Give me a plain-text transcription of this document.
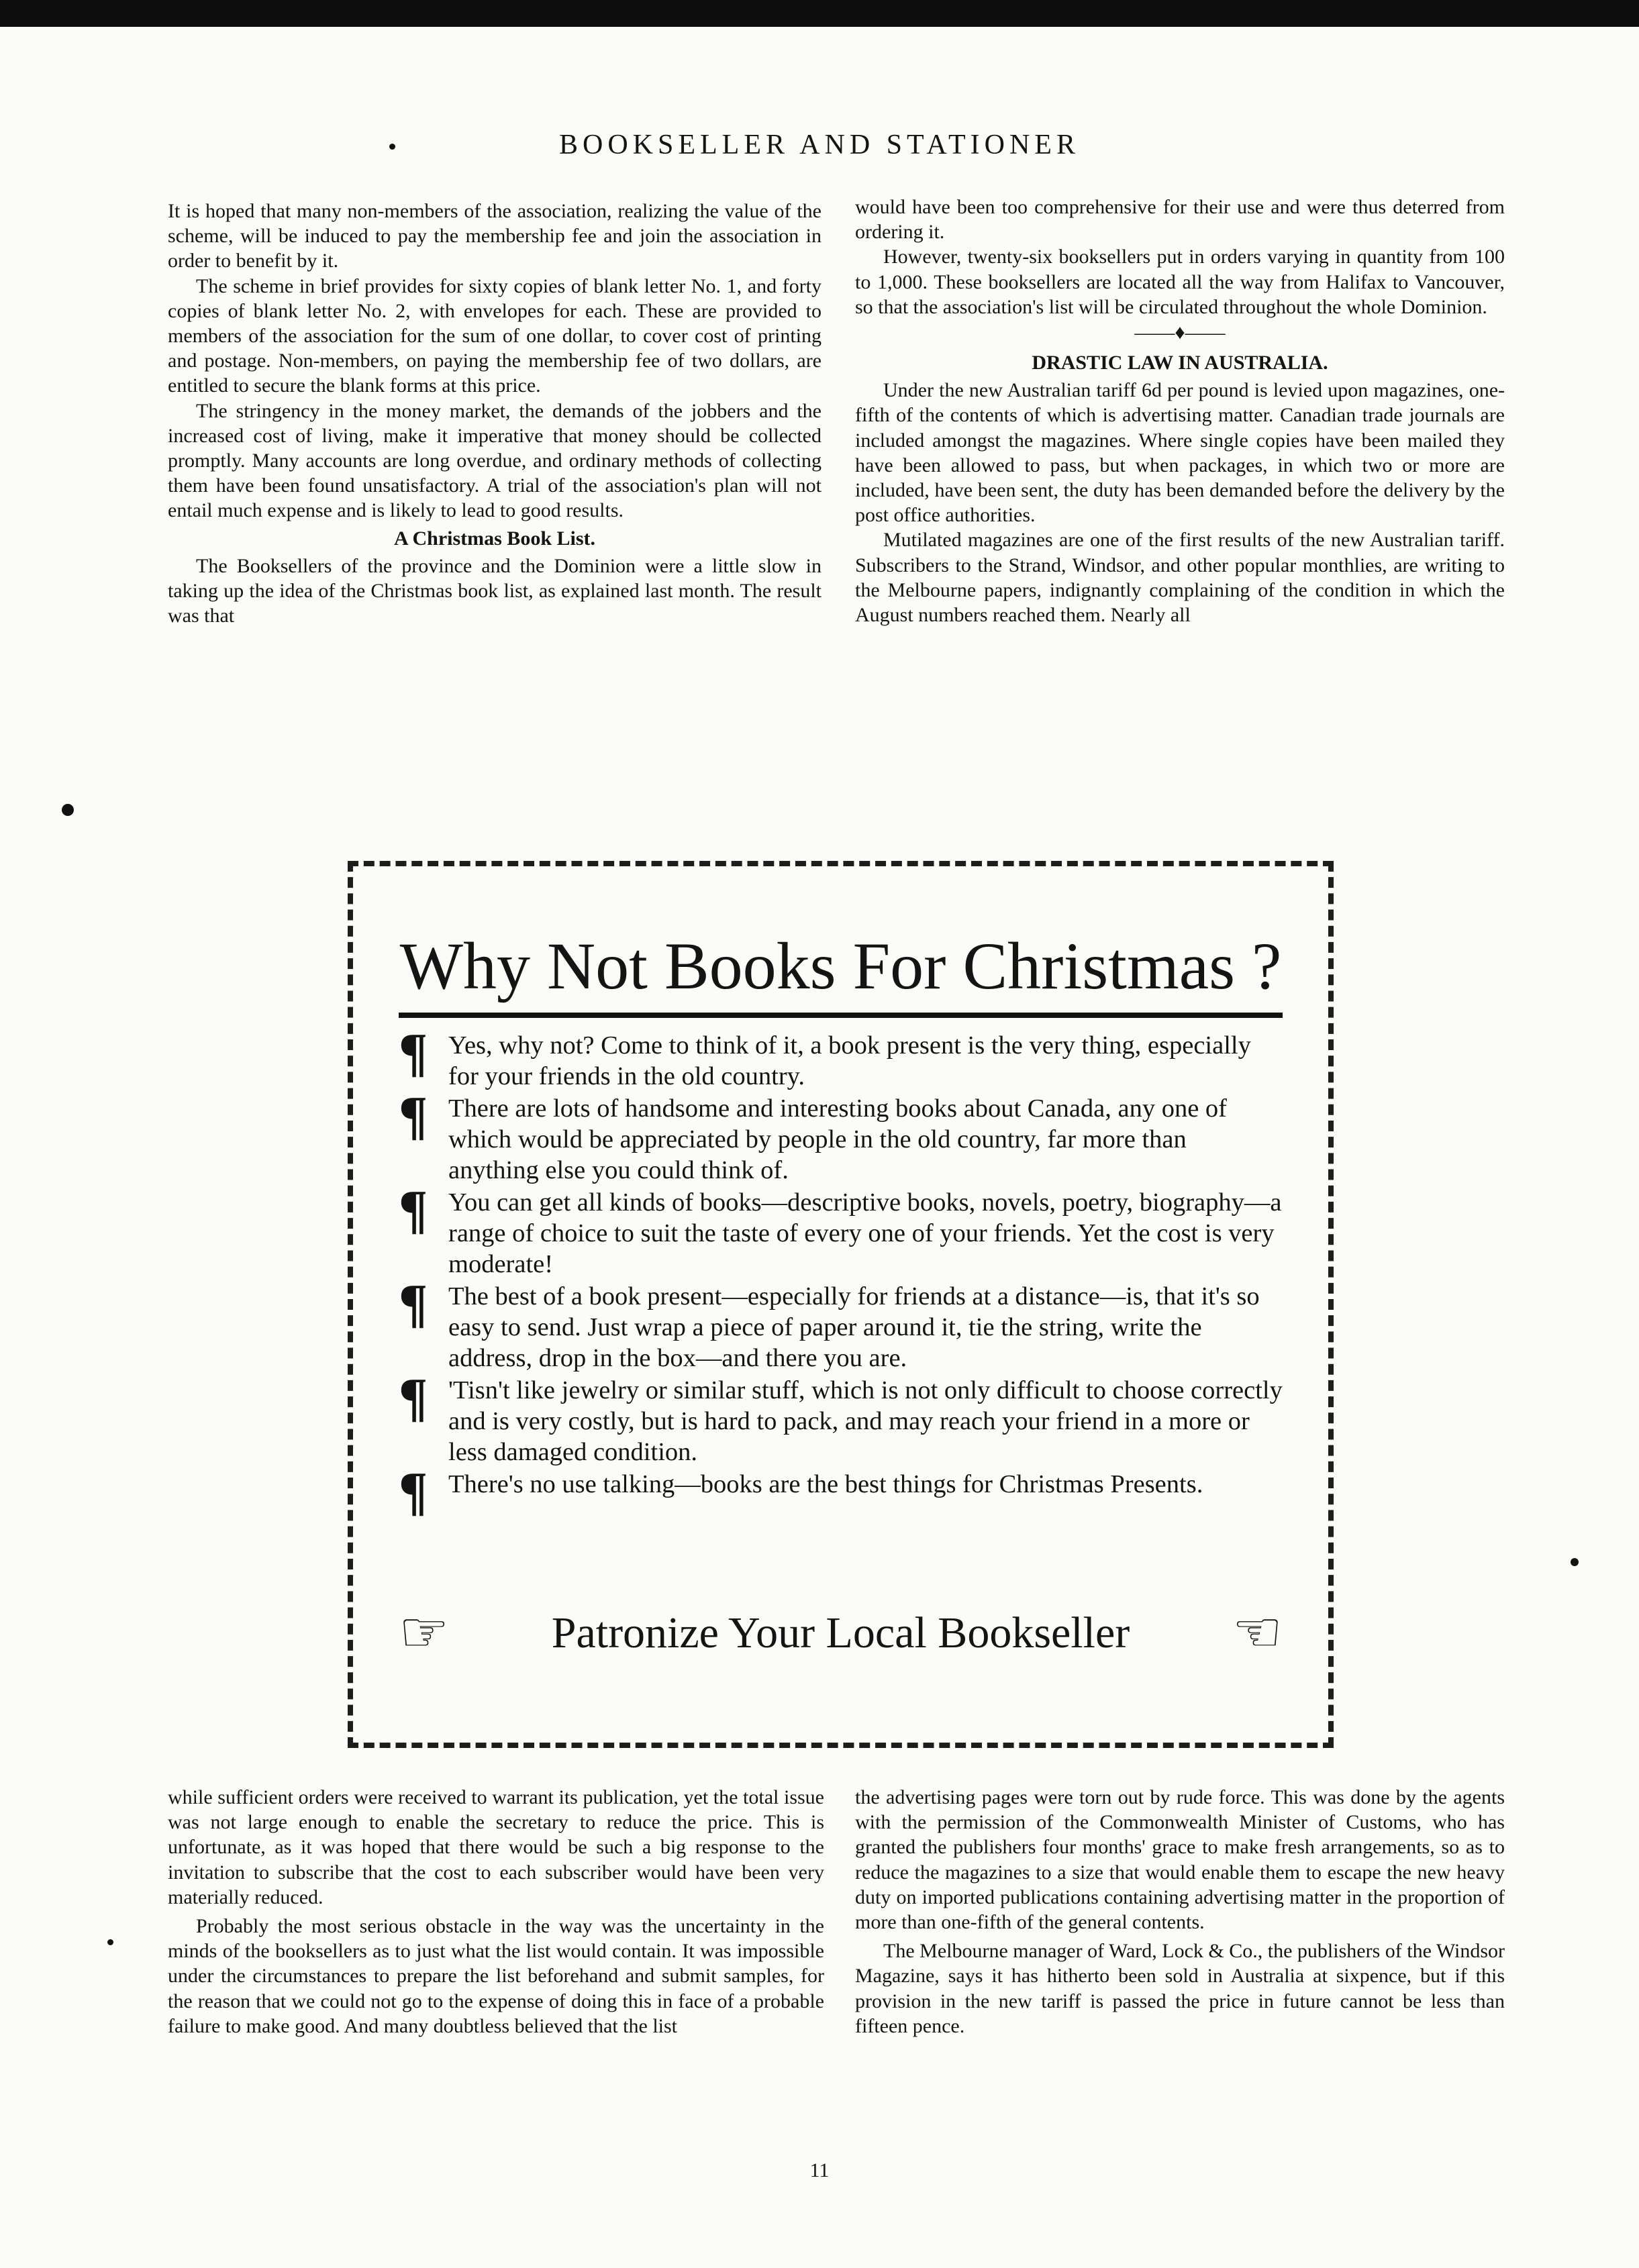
BOOKSELLER AND STATIONER

It is hoped that many non-members of the association, realizing the value of the scheme, will be induced to pay the membership fee and join the association in order to benefit by it.

The scheme in brief provides for sixty copies of blank letter No. 1, and forty copies of blank letter No. 2, with envelopes for each. These are provided to members of the association for the sum of one dollar, to cover cost of printing and postage. Non-members, on paying the membership fee of two dollars, are entitled to secure the blank forms at this price.

The stringency in the money market, the demands of the jobbers and the increased cost of living, make it imperative that money should be collected promptly. Many accounts are long overdue, and ordinary methods of collecting them have been found unsatisfactory. A trial of the association's plan will not entail much expense and is likely to lead to good results.

A Christmas Book List.

The Booksellers of the province and the Dominion were a little slow in taking up the idea of the Christmas book list, as explained last month. The result was that

would have been too comprehensive for their use and were thus deterred from ordering it.

However, twenty-six booksellers put in orders varying in quantity from 100 to 1,000. These booksellers are located all the way from Halifax to Vancouver, so that the association's list will be circulated throughout the whole Dominion.

——♦——
DRASTIC LAW IN AUSTRALIA.

Under the new Australian tariff 6d per pound is levied upon magazines, one-fifth of the contents of which is advertising matter. Canadian trade journals are included amongst the magazines. Where single copies have been mailed they have been allowed to pass, but when packages, in which two or more are included, have been sent, the duty has been demanded before the delivery by the post office authorities.

Mutilated magazines are one of the first results of the new Australian tariff. Subscribers to the Strand, Windsor, and other popular monthlies, are writing to the Melbourne papers, indignantly complaining of the condition in which the August numbers reached them. Nearly all

Why Not Books For Christmas ?
¶ Yes, why not? Come to think of it, a book present is the very thing, especially for your friends in the old country.
¶ There are lots of handsome and interesting books about Canada, any one of which would be appreciated by people in the old country, far more than anything else you could think of.
¶ You can get all kinds of books—descriptive books, novels, poetry, biography—a range of choice to suit the taste of every one of your friends. Yet the cost is very moderate!
¶ The best of a book present—especially for friends at a distance—is, that it's so easy to send. Just wrap a piece of paper around it, tie the string, write the address, drop in the box—and there you are.
¶ 'Tisn't like jewelry or similar stuff, which is not only difficult to choose correctly and is very costly, but is hard to pack, and may reach your friend in a more or less damaged condition.
¶ There's no use talking—books are the best things for Christmas Presents.
☞ Patronize Your Local Bookseller ☜

while sufficient orders were received to warrant its publication, yet the total issue was not large enough to enable the secretary to reduce the price. This is unfortunate, as it was hoped that there would be such a big response to the invitation to subscribe that the cost to each subscriber would have been very materially reduced.

Probably the most serious obstacle in the way was the uncertainty in the minds of the booksellers as to just what the list would contain. It was impossible under the circumstances to prepare the list beforehand and submit samples, for the reason that we could not go to the expense of doing this in face of a probable failure to make good. And many doubtless believed that the list

the advertising pages were torn out by rude force. This was done by the agents with the permission of the Commonwealth Minister of Customs, who has granted the publishers four months' grace to make fresh arrangements, so as to reduce the magazines to a size that would enable them to escape the new heavy duty on imported publications containing advertising matter in the proportion of more than one-fifth of the general contents.

The Melbourne manager of Ward, Lock & Co., the publishers of the Windsor Magazine, says it has hitherto been sold in Australia at sixpence, but if this provision in the new tariff is passed the price in future cannot be less than fifteen pence.

11
